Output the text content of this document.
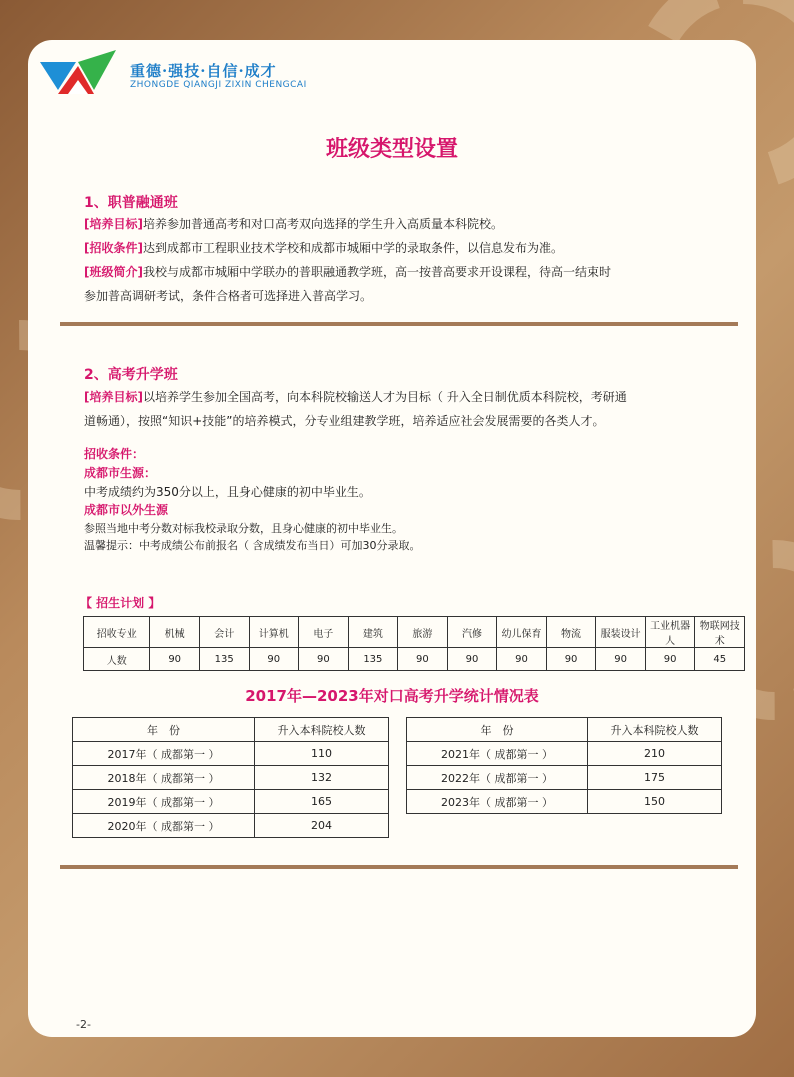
重德·强技·自信·成才
ZHONGDE QIANGJI ZIXIN CHENGCAI
班级类型设置
1、职普融通班
[培养目标]培养参加普通高考和对口高考双向选择的学生升入高质量本科院校。
[招收条件]达到成都市工程职业技术学校和成都市城厢中学的录取条件，以信息发布为准。
[班级简介]我校与成都市城厢中学联办的普职融通教学班，高一按普高要求开设课程，待高一结束时
参加普高调研考试，条件合格者可选择进入普高学习。
2、高考升学班
[培养目标]以培养学生参加全国高考，向本科院校输送人才为目标（ 升入全日制优质本科院校，考研通
道畅通），按照“知识+技能”的培养模式，分专业组建教学班，培养适应社会发展需要的各类人才。
招收条件：
成都市生源：
中考成绩约为350分以上，且身心健康的初中毕业生。
成都市以外生源
参照当地中考分数对标我校录取分数，且身心健康的初中毕业生。
温馨提示：中考成绩公布前报名（ 含成绩发布当日）可加30分录取。
【 招生计划 】
招收专业	机械	会计	计算机	电子	建筑	旅游	汽修	幼儿保育	物流	服装设计	工业机器人	物联网技术
人数	90	135	90	90	135	90	90	90	90	90	90	45
2017年—2023年对口高考升学统计情况表
年　份	升入本科院校人数
2017年（ 成都第一 ）	110
2018年（ 成都第一 ）	132
2019年（ 成都第一 ）	165
2020年（ 成都第一 ）	204
年　份	升入本科院校人数
2021年（ 成都第一 ）	210
2022年（ 成都第一 ）	175
2023年（ 成都第一 ）	150
-2-
